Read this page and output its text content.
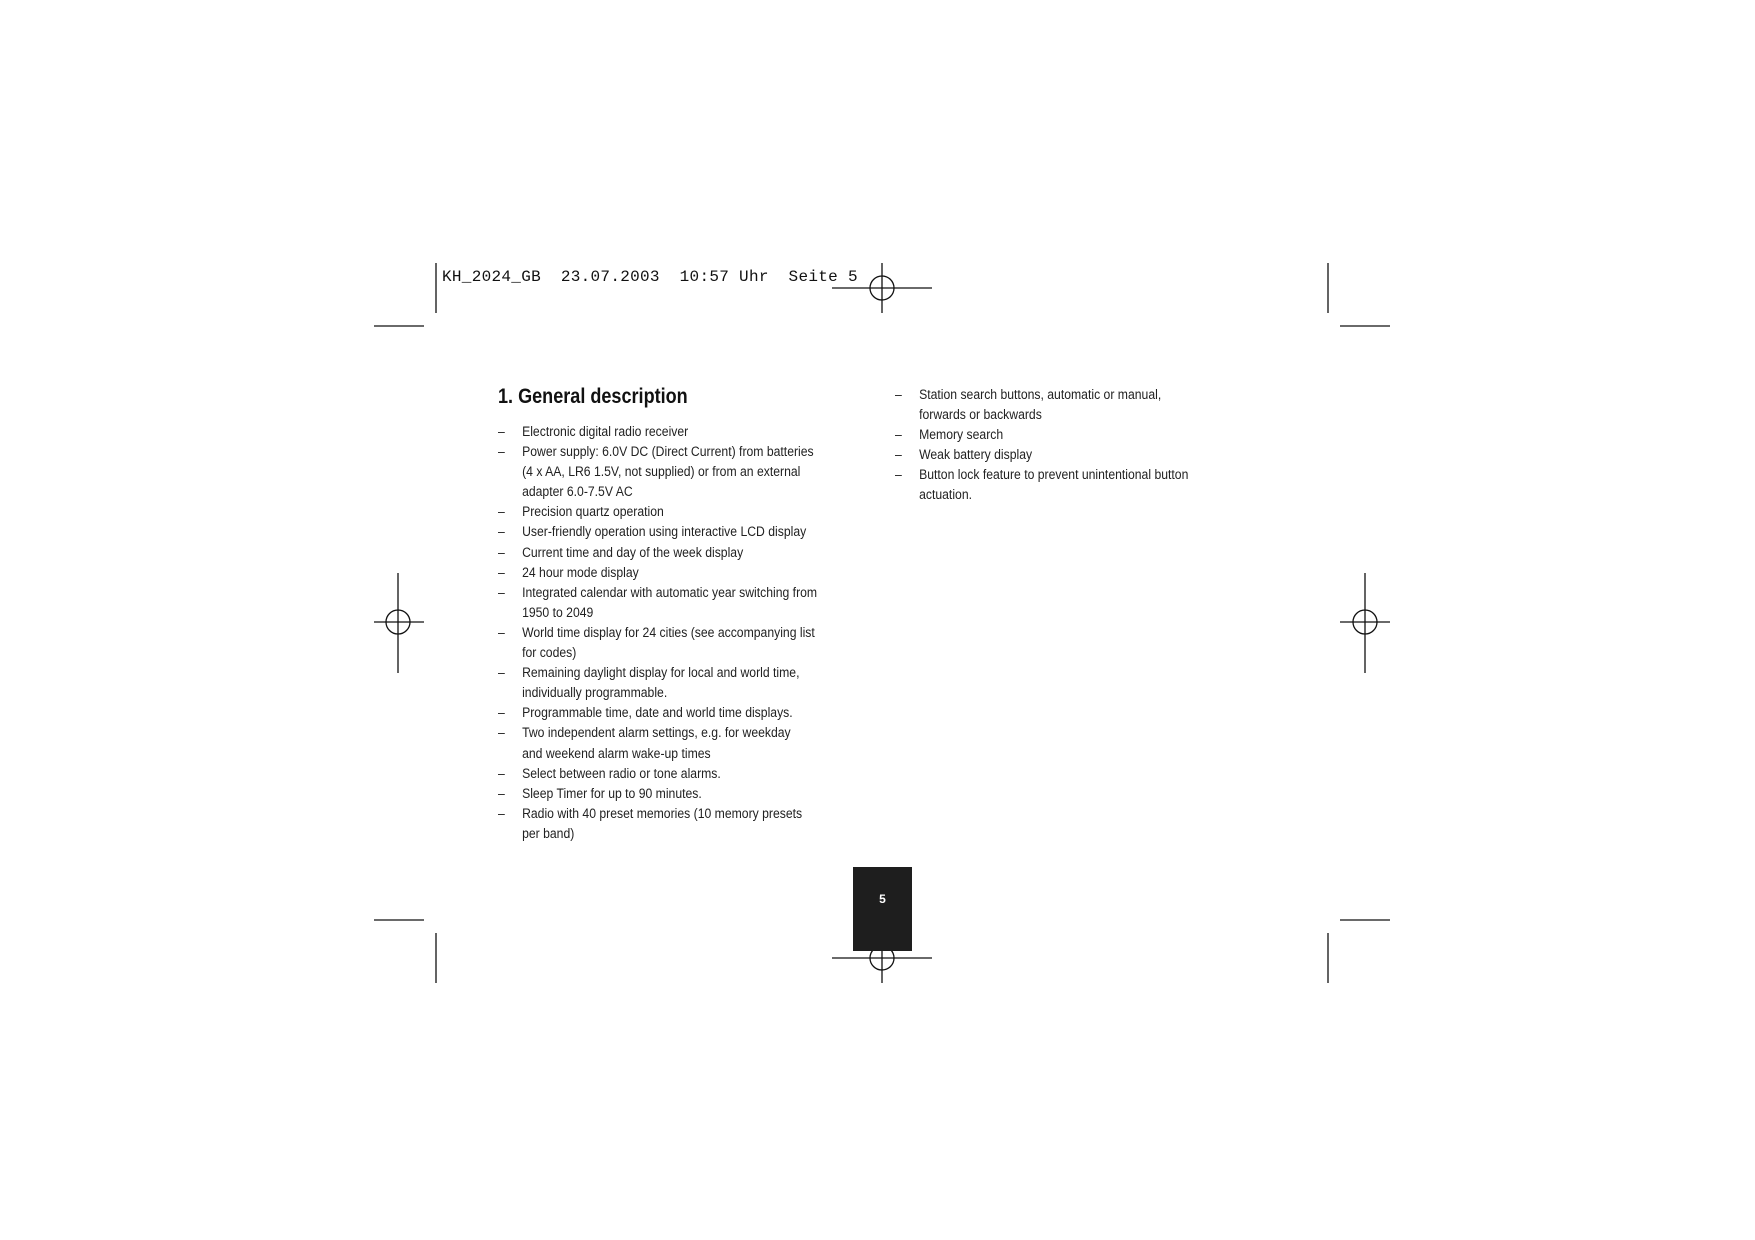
KH_2024_GB  23.07.2003  10:57 Uhr  Seite 5
1. General description
– Electronic digital radio receiver
– Power supply: 6.0V DC (Direct Current) from batteries
(4 x AA, LR6 1.5V, not supplied) or from an external
adapter 6.0-7.5V AC
– Precision quartz operation
– User-friendly operation using interactive LCD display
– Current time and day of the week display
– 24 hour mode display
– Integrated calendar with automatic year switching from
1950 to 2049
– World time display for 24 cities (see accompanying list
for codes)
– Remaining daylight display for local and world time,
individually programmable.
– Programmable time, date and world time displays.
– Two independent alarm settings, e.g. for weekday
and weekend alarm wake-up times
– Select between radio or tone alarms.
– Sleep Timer for up to 90 minutes.
– Radio with 40 preset memories (10 memory presets
per band)
– Station search buttons, automatic or manual,
forwards or backwards
– Memory search
– Weak battery display
– Button lock feature to prevent unintentional button
actuation.
5
